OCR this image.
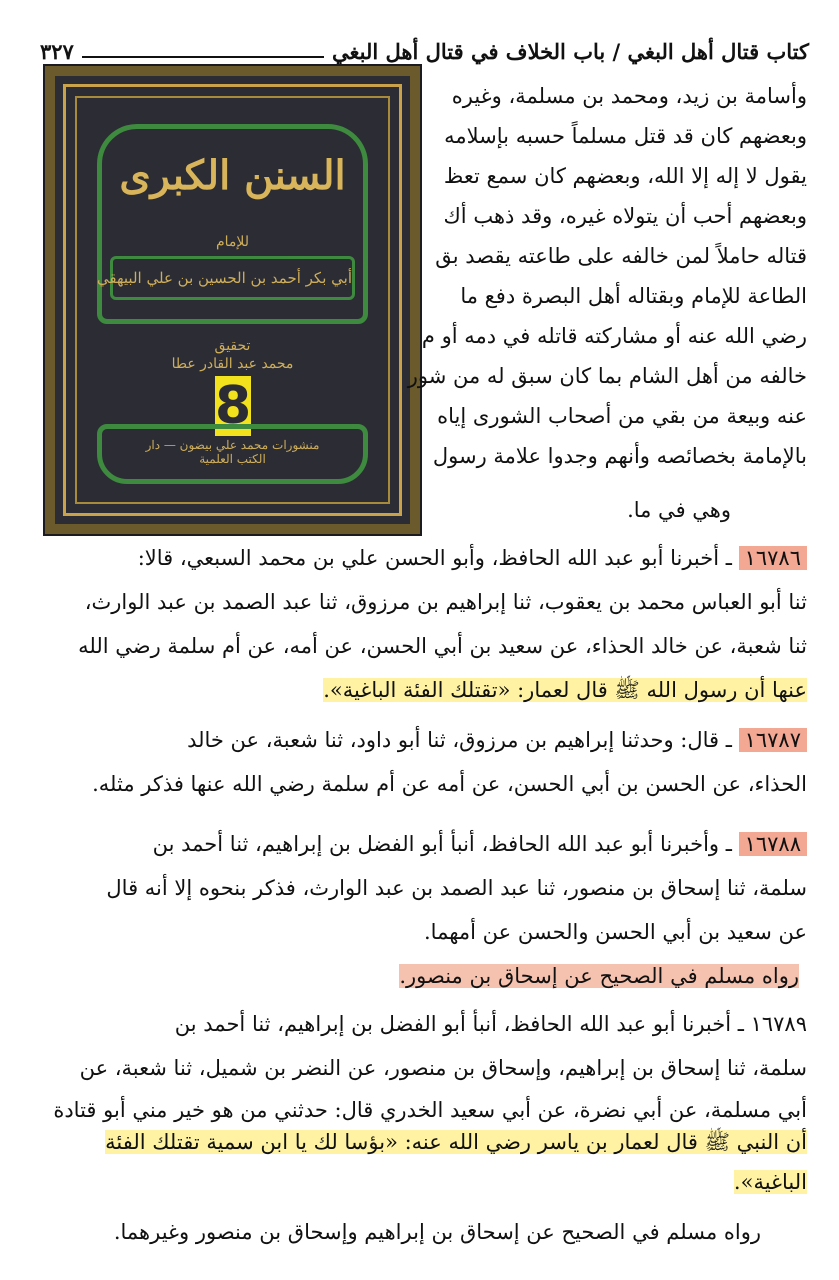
كتاب قتال أهل البغي / باب الخلاف في قتال أهل البغي
٣٢٧
السنن الكبرى
للإمام
أبي بكر أحمد بن الحسين بن علي البيهقي
تحقيق
محمد عبد القادر عطا
8
منشورات محمد علي بيضون — دار الكتب العلمية
وأسامة بن زيد، ومحمد بن مسلمة، وغيره
وبعضهم كان قد قتل مسلماً حسبه بإسلامه
يقول لا إله إلا الله، وبعضهم كان سمع تعظ
وبعضهم أحب أن يتولاه غيره، وقد ذهب أك
قتاله حاملاً لمن خالفه على طاعته يقصد بق
الطاعة للإمام وبقتاله أهل البصرة دفع ما
رضي الله عنه أو مشاركته قاتله في دمه أو م
خالفه من أهل الشام بما كان سبق له من شور
عنه وبيعة من بقي من أصحاب الشورى إياه
بالإمامة بخصائصه وأنهم وجدوا علامة رسول
وهي في ما.
١٦٧٨٦ ـ أخبرنا أبو عبد الله الحافظ، وأبو الحسن علي بن محمد السبعي، قالا:
ثنا أبو العباس محمد بن يعقوب، ثنا إبراهيم بن مرزوق، ثنا عبد الصمد بن عبد الوارث،
ثنا شعبة، عن خالد الحذاء، عن سعيد بن أبي الحسن، عن أمه، عن أم سلمة رضي الله
عنها أن رسول الله ﷺ قال لعمار: «تقتلك الفئة الباغية».
١٦٧٨٧ ـ قال: وحدثنا إبراهيم بن مرزوق، ثنا أبو داود، ثنا شعبة، عن خالد
الحذاء، عن الحسن بن أبي الحسن، عن أمه عن أم سلمة رضي الله عنها فذكر مثله.
١٦٧٨٨ ـ وأخبرنا أبو عبد الله الحافظ، أنبأ أبو الفضل بن إبراهيم، ثنا أحمد بن
سلمة، ثنا إسحاق بن منصور، ثنا عبد الصمد بن عبد الوارث، فذكر بنحوه إلا أنه قال
عن سعيد بن أبي الحسن والحسن عن أمهما.
رواه مسلم في الصحيح عن إسحاق بن منصور.
١٦٧٨٩ ـ أخبرنا أبو عبد الله الحافظ، أنبأ أبو الفضل بن إبراهيم، ثنا أحمد بن
سلمة، ثنا إسحاق بن إبراهيم، وإسحاق بن منصور، عن النضر بن شميل، ثنا شعبة، عن
أبي مسلمة، عن أبي نضرة، عن أبي سعيد الخدري قال: حدثني من هو خير مني أبو قتادة
أن النبي ﷺ قال لعمار بن ياسر رضي الله عنه: «بؤسا لك يا ابن سمية تقتلك الفئة
الباغية».
رواه مسلم في الصحيح عن إسحاق بن إبراهيم وإسحاق بن منصور وغيرهما.
